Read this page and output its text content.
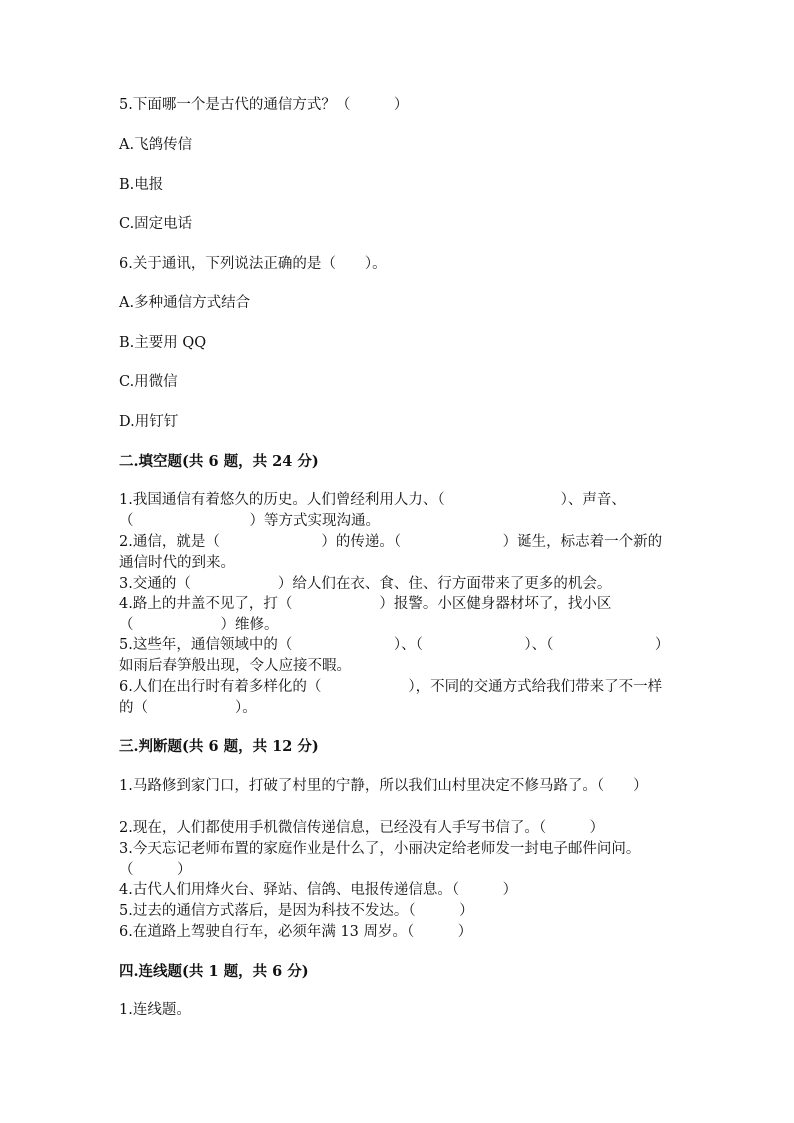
5.下面哪一个是古代的通信方式？（　　　）
A.飞鸽传信
B.电报
C.固定电话
6.关于通讯，下列说法正确的是（　　）。
A.多种通信方式结合
B.主要用 QQ
C.用微信
D.用钉钉
二.填空题(共 6 题，共 24 分)
1.我国通信有着悠久的历史。人们曾经利用人力、（　　　　　　　　）、声音、（　　　　　　　　）等方式实现沟通。
2.通信，就是（　　　　　　　）的传递。（　　　　　　　）诞生，标志着一个新的通信时代的到来。
3.交通的（　　　　　　）给人们在衣、食、住、行方面带来了更多的机会。
4.路上的井盖不见了，打（　　　　　　）报警。小区健身器材坏了，找小区（　　　　　　）维修。
5.这些年，通信领域中的（　　　　　　　）、（　　　　　　　）、（　　　　　　　）如雨后春笋般出现，令人应接不暇。
6.人们在出行时有着多样化的（　　　　　　），不同的交通方式给我们带来了不一样的（　　　　　　）。
三.判断题(共 6 题，共 12 分)
1.马路修到家门口，打破了村里的宁静，所以我们山村里决定不修马路了。（　　）
2.现在，人们都使用手机微信传递信息，已经没有人手写书信了。（　　　）
3.今天忘记老师布置的家庭作业是什么了，小丽决定给老师发一封电子邮件问问。（　　　）
4.古代人们用烽火台、驿站、信鸽、电报传递信息。（　　　）
5.过去的通信方式落后，是因为科技不发达。（　　　）
6.在道路上驾驶自行车，必须年满 13 周岁。（　　　）
四.连线题(共 1 题，共 6 分)
1.连线题。
